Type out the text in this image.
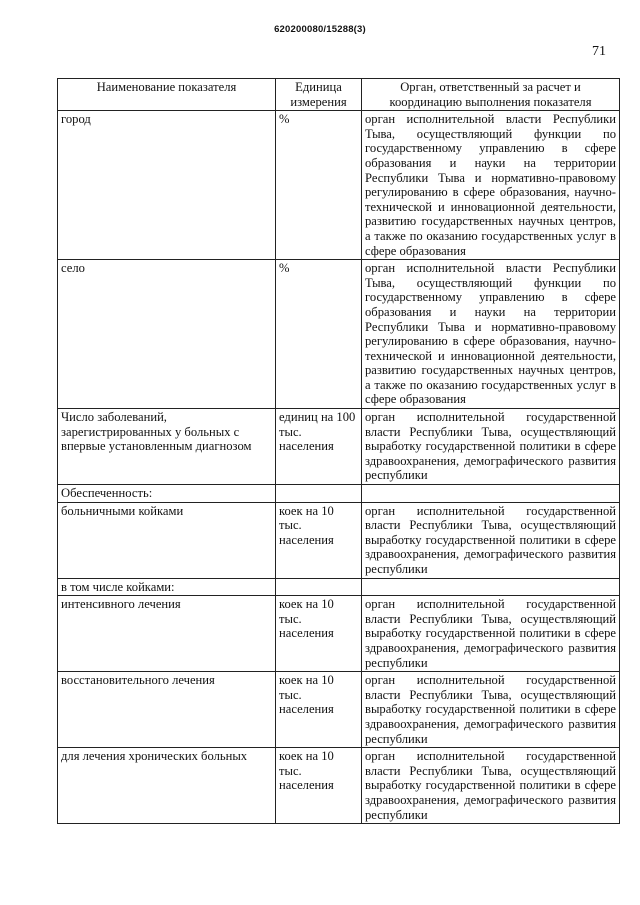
620200080/15288(3)
71
Наименование показателя	Единица измерения	Орган, ответственный за расчет и координацию выполнения показателя
город	%	орган исполнительной власти Республики Тыва, осуществляющий функции по государственному управлению в сфере образования и науки на территории Республики Тыва и нормативно-правовому регулированию в сфере образования, научно-технической и инновационной деятельности, развитию государственных научных центров, а также по оказанию государственных услуг в сфере образования
село	%	орган исполнительной власти Республики Тыва, осуществляющий функции по государственному управлению в сфере образования и науки на территории Республики Тыва и нормативно-правовому регулированию в сфере образования, научно-технической и инновационной деятельности, развитию государственных научных центров, а также по оказанию государственных услуг в сфере образования
Число заболеваний, зарегистрированных у больных с впервые установленным диагнозом	единиц на 100 тыс. населения	орган исполнительной государственной власти Республики Тыва, осуществляющий выработку государственной политики в сфере здравоохранения, демографического развития республики
Обеспеченность:		
больничными койками	коек на 10 тыс. населения	орган исполнительной государственной власти Республики Тыва, осуществляющий выработку государственной политики в сфере здравоохранения, демографического развития республики
в том числе койками:		
интенсивного лечения	коек на 10 тыс. населения	орган исполнительной государственной власти Республики Тыва, осуществляющий выработку государственной политики в сфере здравоохранения, демографического развития республики
восстановительного лечения	коек на 10 тыс. населения	орган исполнительной государственной власти Республики Тыва, осуществляющий выработку государственной политики в сфере здравоохранения, демографического развития республики
для лечения хронических больных	коек на 10 тыс. населения	орган исполнительной государственной власти Республики Тыва, осуществляющий выработку государственной политики в сфере здравоохранения, демографического развития республики
